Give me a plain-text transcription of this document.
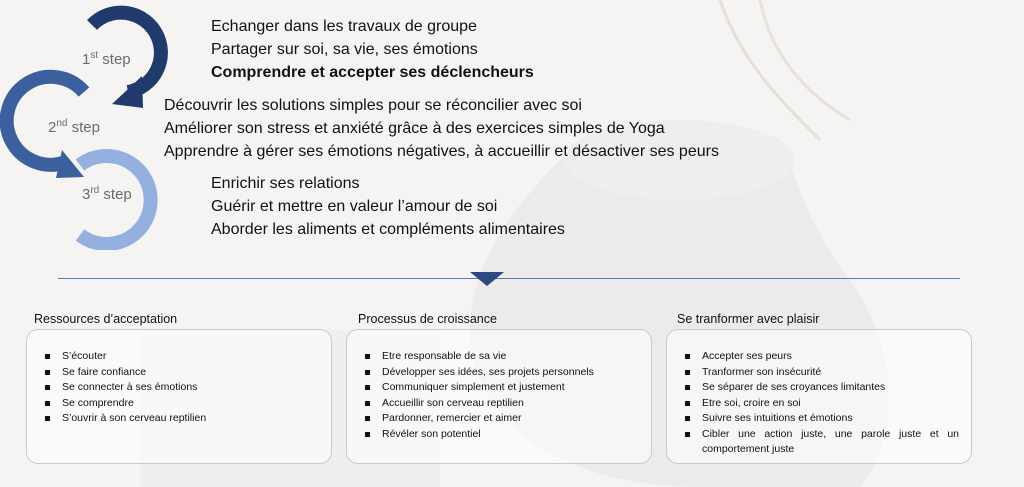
1st step
2nd step
3rd step
Echanger dans les travaux de groupe
Partager sur soi, sa vie, ses émotions
Comprendre et accepter ses déclencheurs
Découvrir les solutions simples pour se réconcilier avec soi
Améliorer son stress et anxiété grâce à des exercices simples de Yoga
Apprendre à gérer ses émotions négatives, à accueillir et désactiver ses peurs
Enrichir ses relations
Guérir et mettre en valeur l’amour de soi
Aborder les aliments et compléments alimentaires
Ressources d’acceptation	Processus de croissance	Se tranformer avec plaisir
S’écouter
Se faire confiance
Se connecter à ses émotions
Se comprendre
S’ouvrir à son cerveau reptilien
Etre responsable de sa vie
Développer ses idées, ses projets personnels
Communiquer simplement et justement
Accueillir son cerveau reptilien
Pardonner, remercier et aimer
Révéler son potentiel
Accepter ses peurs
Tranformer son insécurité
Se séparer de ses croyances limitantes
Etre soi, croire en soi
Suivre ses intuitions et émotions
Cibler une action juste, une parole juste et un
comportement juste
